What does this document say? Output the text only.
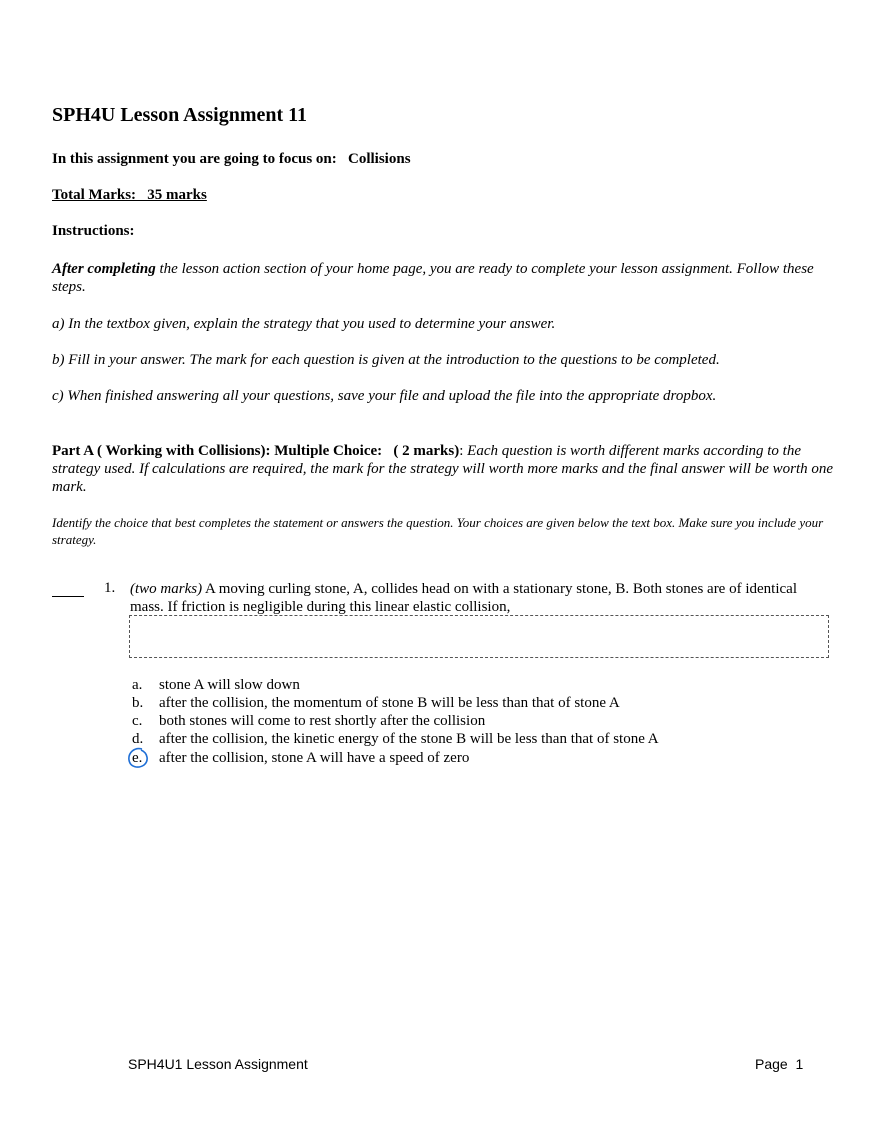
SPH4U Lesson Assignment 11
In this assignment you are going to focus on:   Collisions
Total Marks:   35 marks
Instructions:
After completing the lesson action section of your home page, you are ready to complete your lesson assignment. Follow these steps.
a) In the textbox given, explain the strategy that you used to determine your answer.
b) Fill in your answer. The mark for each question is given at the introduction to the questions to be completed.
c) When finished answering all your questions, save your file and upload the file into the appropriate dropbox.
Part A ( Working with Collisions): Multiple Choice:   ( 2 marks): Each question is worth different marks according to the strategy used. If calculations are required, the mark for the strategy will worth more marks and the final answer will be worth one mark.
Identify the choice that best completes the statement or answers the question. Your choices are given below the text box. Make sure you include your strategy.
1. (two marks) A moving curling stone, A, collides head on with a stationary stone, B. Both stones are of identical mass. If friction is negligible during this linear elastic collision,
a. stone A will slow down
b. after the collision, the momentum of stone B will be less than that of stone A
c. both stones will come to rest shortly after the collision
d. after the collision, the kinetic energy of the stone B will be less than that of stone A
e. after the collision, stone A will have a speed of zero
SPH4U1 Lesson Assignment	Page  1
